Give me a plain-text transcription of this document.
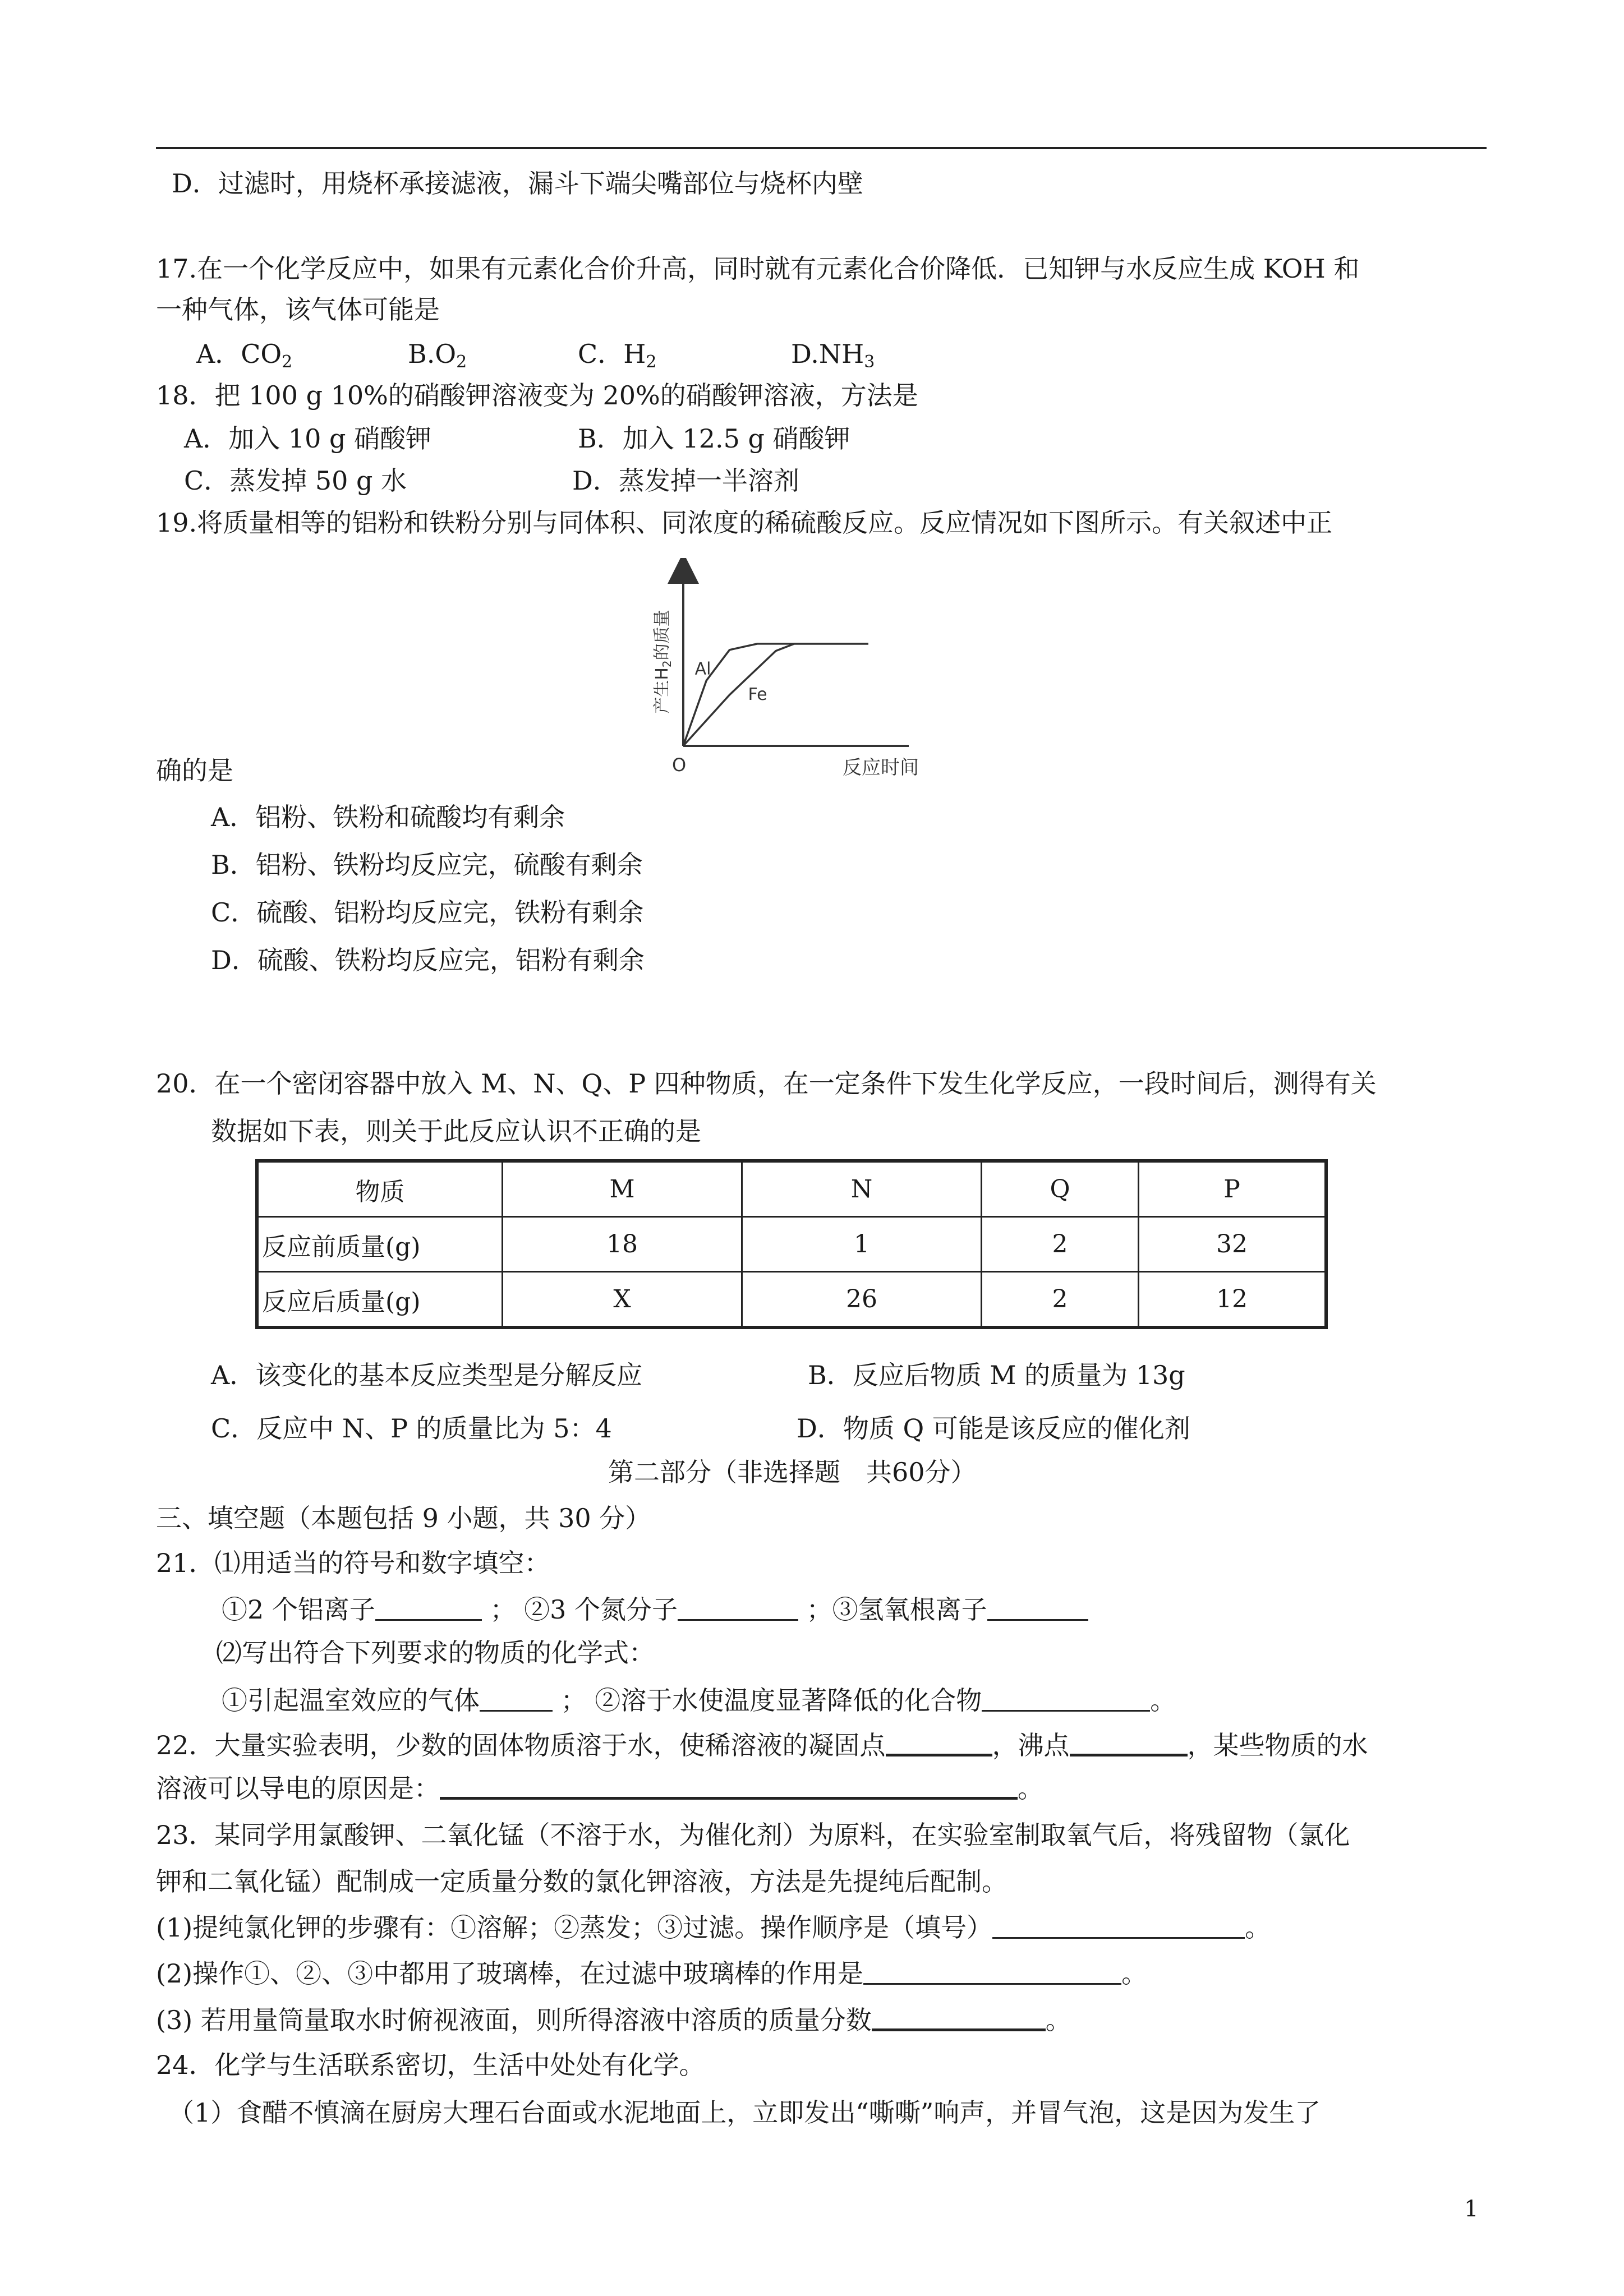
D．过滤时，用烧杯承接滤液，漏斗下端尖嘴部位与烧杯内壁
17.在一个化学反应中，如果有元素化合价升高，同时就有元素化合价降低．已知钾与水反应生成 KOH 和
一种气体，该气体可能是
A．$CO_2$	$B.O_2$	C．$H_2$	$D.NH_3$
18．把 100 g 10%的硝酸钾溶液变为 20%的硝酸钾溶液，方法是
A．加入 10 g 硝酸钾	B．加入 12.5 g 硝酸钾
C．蒸发掉 50 g 水	D．蒸发掉一半溶剂
19.将质量相等的铝粉和铁粉分别与同体积、同浓度的稀硫酸反应。反应情况如下图所示。有关叙述中正
产生$H_2$的质量
反应时间
O
Al
Fe
确的是
A．铝粉、铁粉和硫酸均有剩余
B．铝粉、铁粉均反应完，硫酸有剩余
C．硫酸、铝粉均反应完，铁粉有剩余
D．硫酸、铁粉均反应完，铝粉有剩余
20．在一个密闭容器中放入 M、N、Q、P 四种物质，在一定条件下发生化学反应，一段时间后，测得有关
数据如下表，则关于此反应认识不正确的是
物质	M	N	Q	P
反应前质量(g)	18	1	2	32
反应后质量(g)	X	26	2	12
A．该变化的基本反应类型是分解反应	B．反应后物质 M 的质量为 13g
C．反应中 N、P 的质量比为 5：4	D．物质 Q 可能是该反应的催化剂
第二部分（非选择题　共60分）
三、填空题（本题包括 9 小题，共 30 分）
21．⑴用适当的符号和数字填空：
①2 个铝离子	； ②3 个氮分子	；③氢氧根离子
⑵写出符合下列要求的物质的化学式：
①引起温室效应的气体	； ②溶于水使温度显著降低的化合物	。
22．大量实验表明，少数的固体物质溶于水，使稀溶液的凝固点	，沸点	，某些物质的水
溶液可以导电的原因是：	。
23．某同学用氯酸钾、二氧化锰（不溶于水，为催化剂）为原料，在实验室制取氧气后，将残留物（氯化
钾和二氧化锰）配制成一定质量分数的氯化钾溶液，方法是先提纯后配制。
(1)提纯氯化钾的步骤有：①溶解；②蒸发；③过滤。操作顺序是（填号）	。
(2)操作①、②、③中都用了玻璃棒，在过滤中玻璃棒的作用是	。
(3) 若用量筒量取水时俯视液面，则所得溶液中溶质的质量分数	。
24．化学与生活联系密切，生活中处处有化学。
（1）食醋不慎滴在厨房大理石台面或水泥地面上，立即发出“嘶嘶”响声，并冒气泡，这是因为发生了
1
